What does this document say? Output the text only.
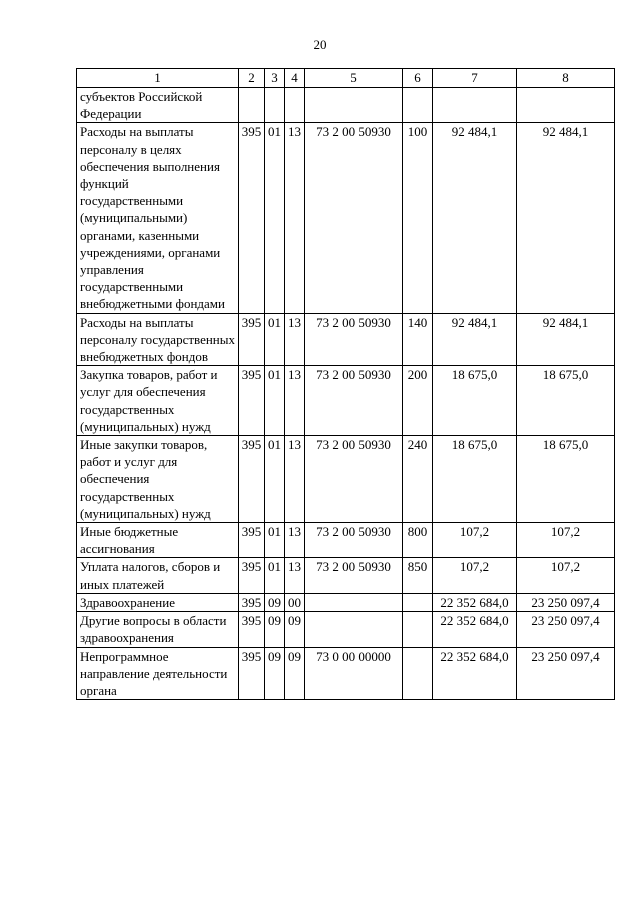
20
1	2	3	4	5	6	7	8
субъектов Российской Федерации							
Расходы на выплаты персоналу в целях обеспечения выполнения функций государственными (муниципальными) органами, казенными учреждениями, органами управления государственными внебюджетными фондами	395	01	13	73 2 00 50930	100	92 484,1	92 484,1
Расходы на выплаты персоналу государственных внебюджетных фондов	395	01	13	73 2 00 50930	140	92 484,1	92 484,1
Закупка товаров, работ и услуг для обеспечения государственных (муниципальных) нужд	395	01	13	73 2 00 50930	200	18 675,0	18 675,0
Иные закупки товаров, работ и услуг для обеспечения государственных (муниципальных) нужд	395	01	13	73 2 00 50930	240	18 675,0	18 675,0
Иные бюджетные ассигнования	395	01	13	73 2 00 50930	800	107,2	107,2
Уплата налогов, сборов и иных платежей	395	01	13	73 2 00 50930	850	107,2	107,2
Здравоохранение	395	09	00			22 352 684,0	23 250 097,4
Другие вопросы в области здравоохранения	395	09	09			22 352 684,0	23 250 097,4
Непрограммное направление деятельности органа	395	09	09	73 0 00 00000		22 352 684,0	23 250 097,4
